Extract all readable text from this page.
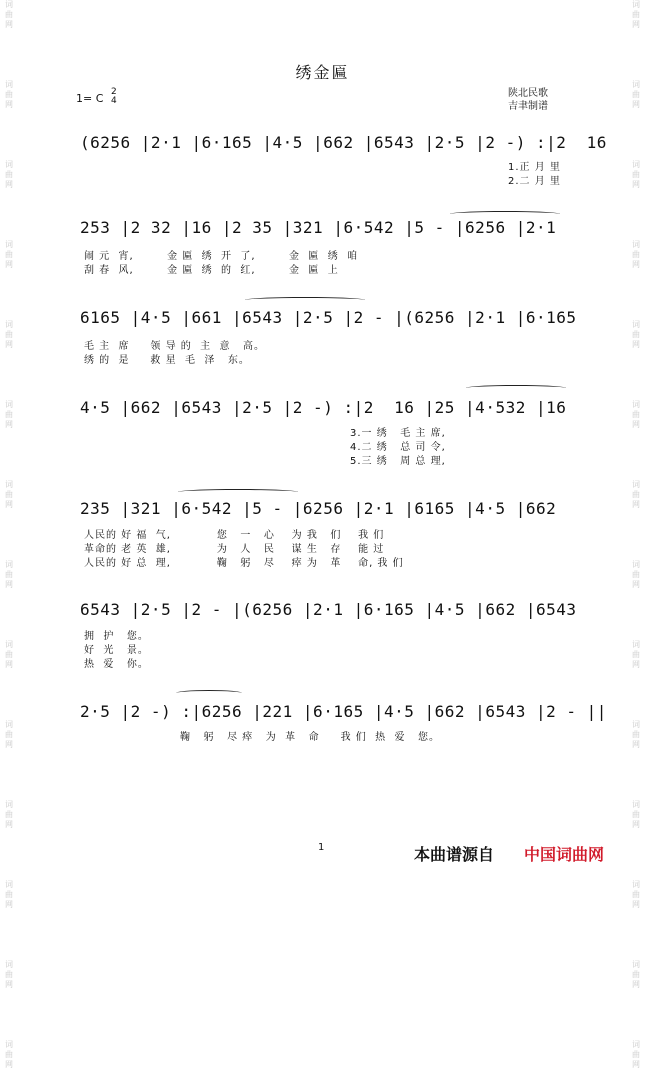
词曲网
词曲网
词曲网
词曲网
词曲网
词曲网
词曲网
词曲网
词曲网
词曲网
词曲网
词曲网
词曲网
词曲网
词曲网
词曲网
词曲网
词曲网
词曲网
词曲网
词曲网
词曲网
词曲网
词曲网
词曲网
词曲网
词曲网
词曲网
绣金匾
1= C 2
4
陕北民歌
吉聿制谱
(6256 |2·1 |6·165 |4·5 |662 |6543 |2·5 |2 -) :|2  16
1.正 月 里
2.二 月 里
253 |2 32 |16 |2 35 |321 |6·542 |5 - |6256 |2·1
闹 元  宵,        金 匾  绣  开  了,        金  匾  绣  咱
刮 春  风,        金 匾  绣  的  红,        金  匾  上
6165 |4·5 |661 |6543 |2·5 |2 - |(6256 |2·1 |6·165
毛 主  席     领 导 的  主  意   高。
绣 的  是     救 星  毛  泽   东。
4·5 |662 |6543 |2·5 |2 -) :|2  16 |25 |4·532 |16
3.一 绣   毛 主 席,
4.二 绣   总 司 令,
5.三 绣   周 总 理,
235 |321 |6·542 |5 - |6256 |2·1 |6165 |4·5 |662
人民的 好 福  气,           您   一   心    为 我   们    我 们
革命的 老 英  雄,           为   人   民    谋 生   存    能 过
人民的 好 总  理,           鞠   躬   尽    瘁 为   革    命, 我 们
6543 |2·5 |2 - |(6256 |2·1 |6·165 |4·5 |662 |6543
拥  护   您。
好  光   景。
热  爱   你。
2·5 |2 -) :|6256 |221 |6·165 |4·5 |662 |6543 |2 - ||
鞠   躬   尽 瘁   为  革   命     我 们  热  爱   您。
1	本曲谱源自 中国词曲网
